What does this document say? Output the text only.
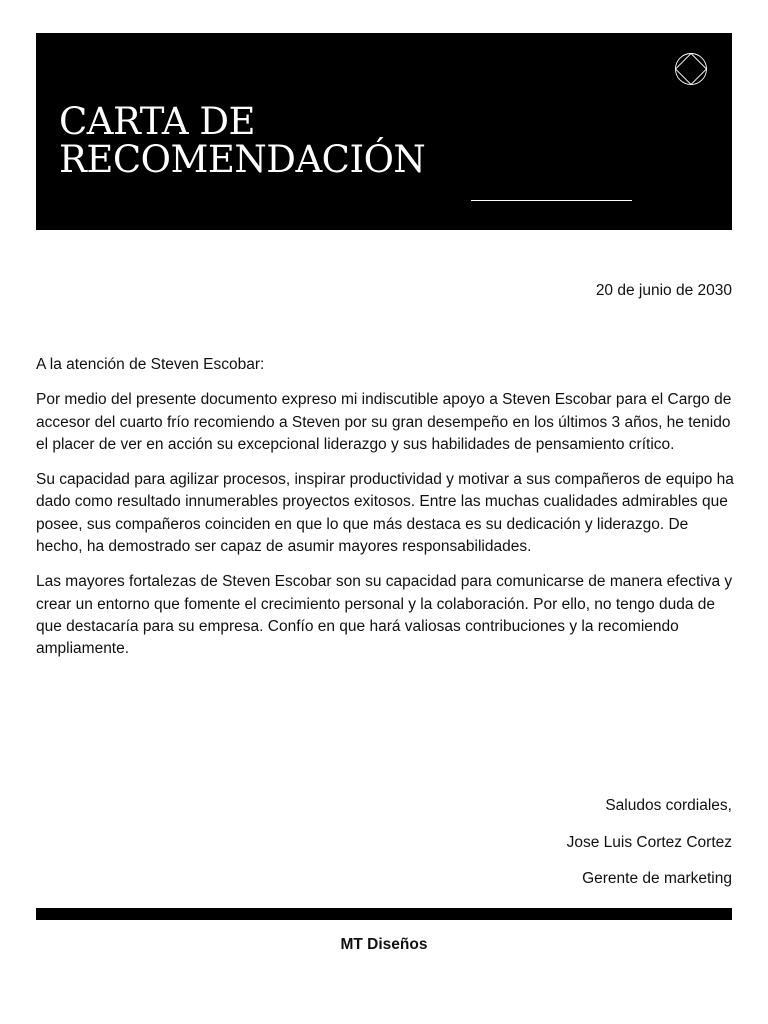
CARTA DE
RECOMENDACIÓN
20 de junio de 2030

A la atención de Steven Escobar:

Por medio del presente documento expreso mi indiscutible apoyo a Steven Escobar para el Cargo de accesor del cuarto frío recomiendo a Steven por su gran desempeño en los últimos 3 años, he tenido el placer de ver en acción su excepcional liderazgo y sus habilidades de pensamiento crítico.

Su capacidad para agilizar procesos, inspirar productividad y motivar a sus compañeros de equipo ha dado como resultado innumerables proyectos exitosos. Entre las muchas cualidades admirables que posee, sus compañeros coinciden en que lo que más destaca es su dedicación y liderazgo. De hecho, ha demostrado ser capaz de asumir mayores responsabilidades.

Las mayores fortalezas de Steven Escobar son su capacidad para comunicarse de manera efectiva y crear un entorno que fomente el crecimiento personal y la colaboración. Por ello, no tengo duda de que destacaría para su empresa. Confío en que hará valiosas contribuciones y la recomiendo ampliamente.

Saludos cordiales,
Jose Luis Cortez Cortez
Gerente de marketing
MT Diseños
